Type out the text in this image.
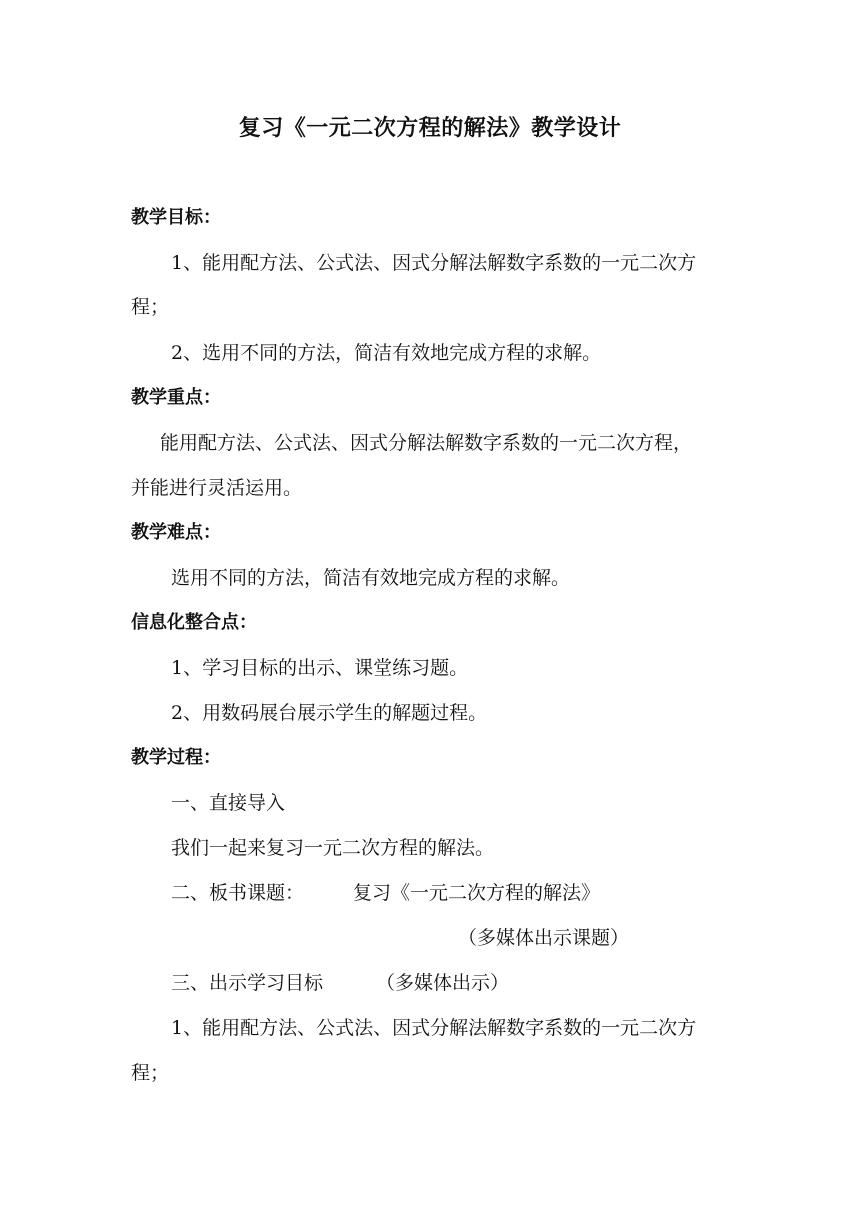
复习《一元二次方程的解法》教学设计
教学目标：
1、能用配方法、公式法、因式分解法解数字系数的一元二次方
程；
2、选用不同的方法，简洁有效地完成方程的求解。
教学重点：
能用配方法、公式法、因式分解法解数字系数的一元二次方程，
并能进行灵活运用。
教学难点：
选用不同的方法，简洁有效地完成方程的求解。
信息化整合点：
1、学习目标的出示、课堂练习题。
2、用数码展台展示学生的解题过程。
教学过程：
一、直接导入
我们一起来复习一元二次方程的解法。
二、板书课题：	复习《一元二次方程的解法》
（多媒体出示课题）
三、出示学习目标	（多媒体出示）
1、能用配方法、公式法、因式分解法解数字系数的一元二次方
程；
